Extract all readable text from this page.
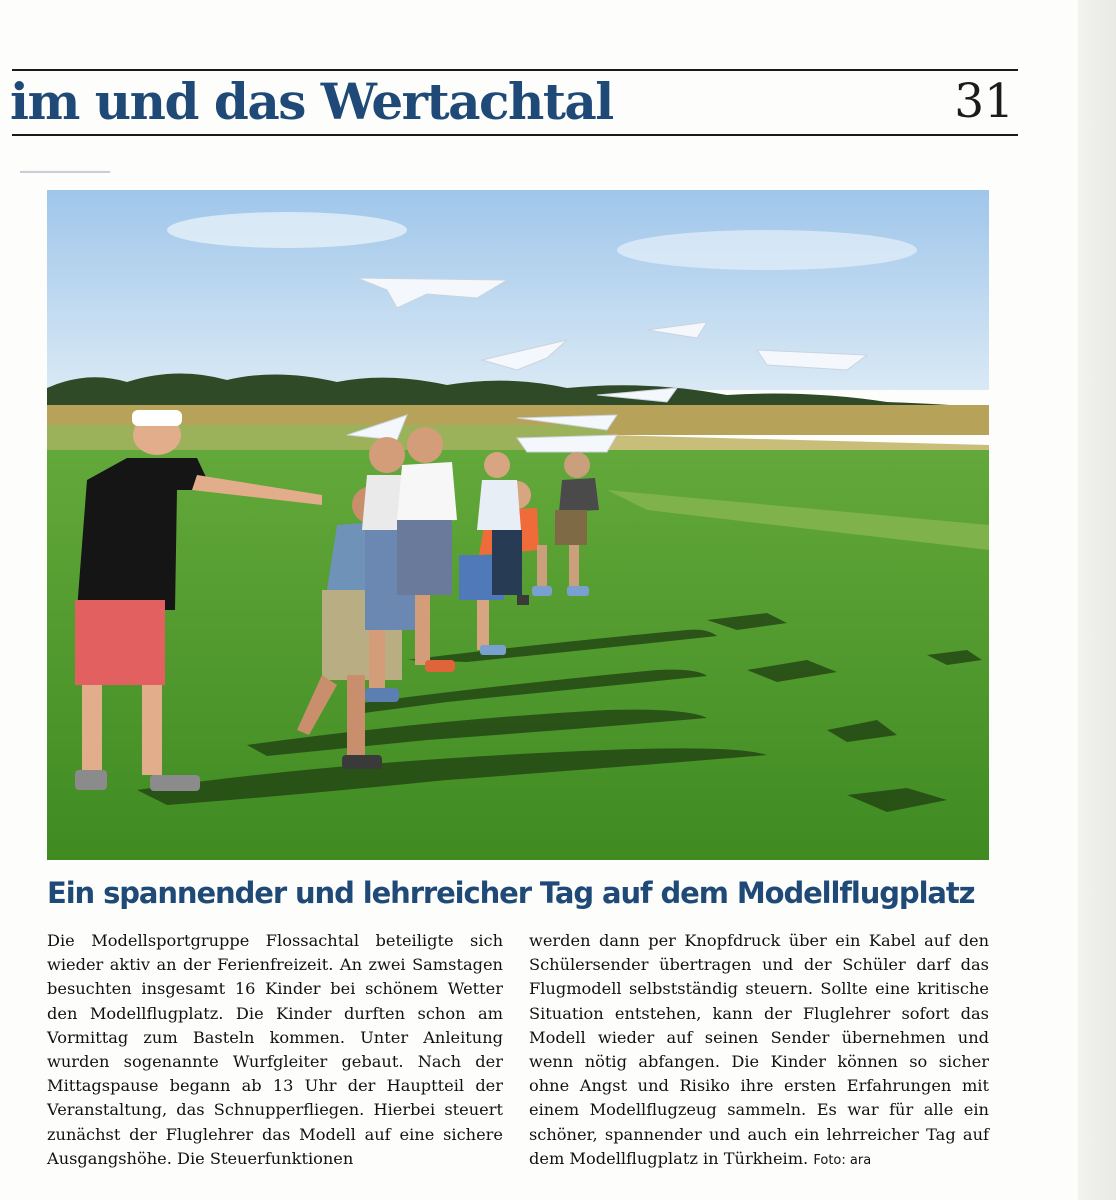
▔▔▔▔▔▔▔▔▔
im und das Wertachtal	31
Ein spannender und lehrreicher Tag auf dem Modellflugplatz
Die Modellsportgruppe Flossachtal beteiligte sich wieder aktiv an der Ferienfreizeit. An zwei Samstagen besuchten insgesamt 16 Kinder bei schönem Wetter den Modellflugplatz. Die Kinder durften schon am Vormittag zum Basteln kommen. Unter Anleitung wurden sogenannte Wurfgleiter gebaut. Nach der Mittagspause begann ab 13 Uhr der Hauptteil der Veranstaltung, das Schnupperfliegen. Hierbei steuert zunächst der Fluglehrer das Modell auf eine sichere Ausgangshöhe. Die Steuerfunktionen
werden dann per Knopfdruck über ein Kabel auf den Schülersender übertragen und der Schüler darf das Flugmodell selbstständig steuern. Sollte eine kritische Situation entstehen, kann der Fluglehrer sofort das Modell wieder auf seinen Sender übernehmen und wenn nötig abfangen. Die Kinder können so sicher ohne Angst und Risiko ihre ersten Erfahrungen mit einem Modellflugzeug sammeln. Es war für alle ein schöner, spannender und auch ein lehrreicher Tag auf dem Modellflugplatz in Türkheim. Foto: ara
